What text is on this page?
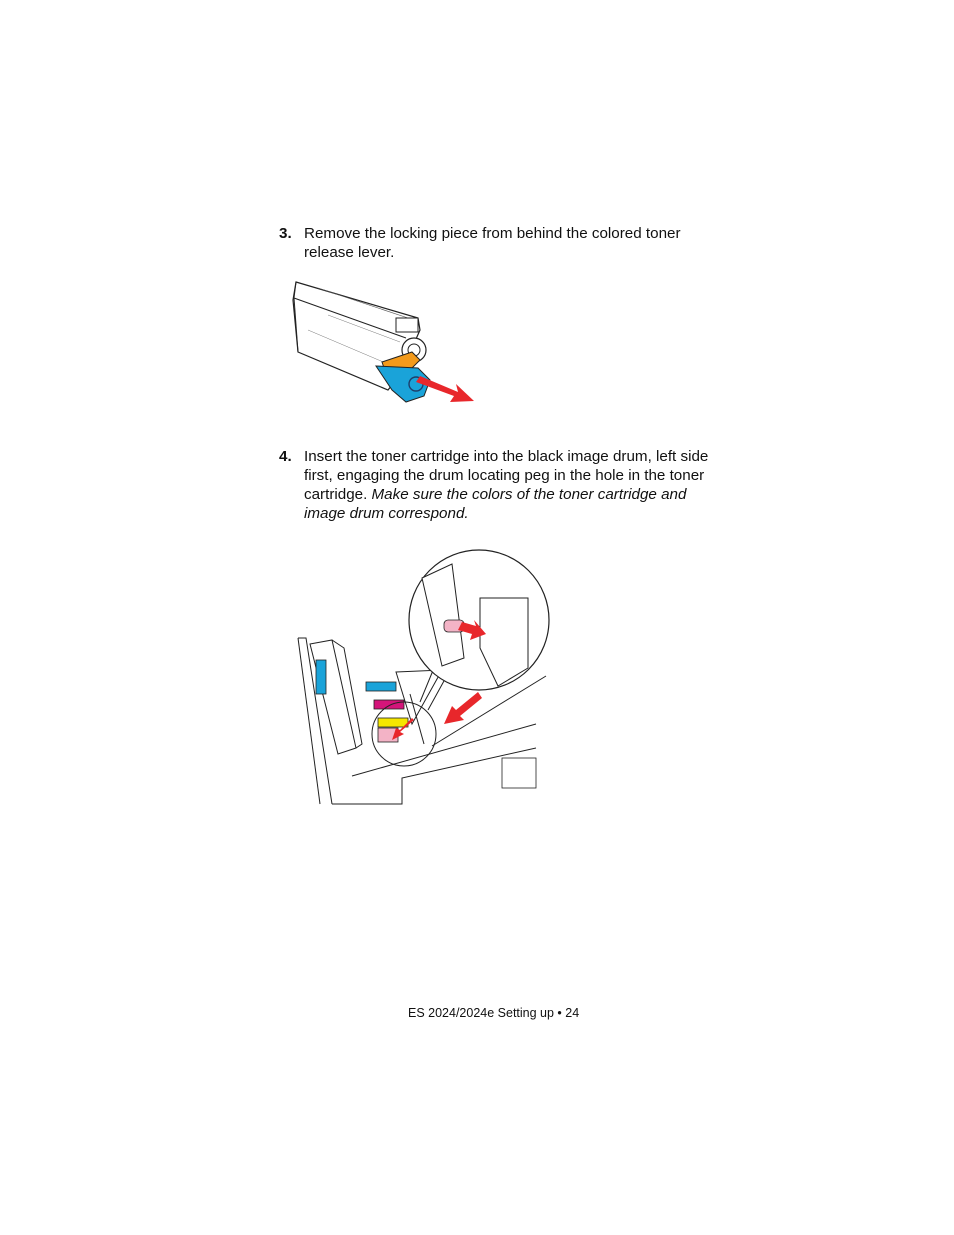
3. Remove the locking piece from behind the colored toner release lever.
4. Insert the toner cartridge into the black image drum, left side first, engaging the drum locating peg in the hole in the toner cartridge. Make sure the colors of the toner cartridge and image drum correspond.
ES 2024/2024e Setting up • 24
